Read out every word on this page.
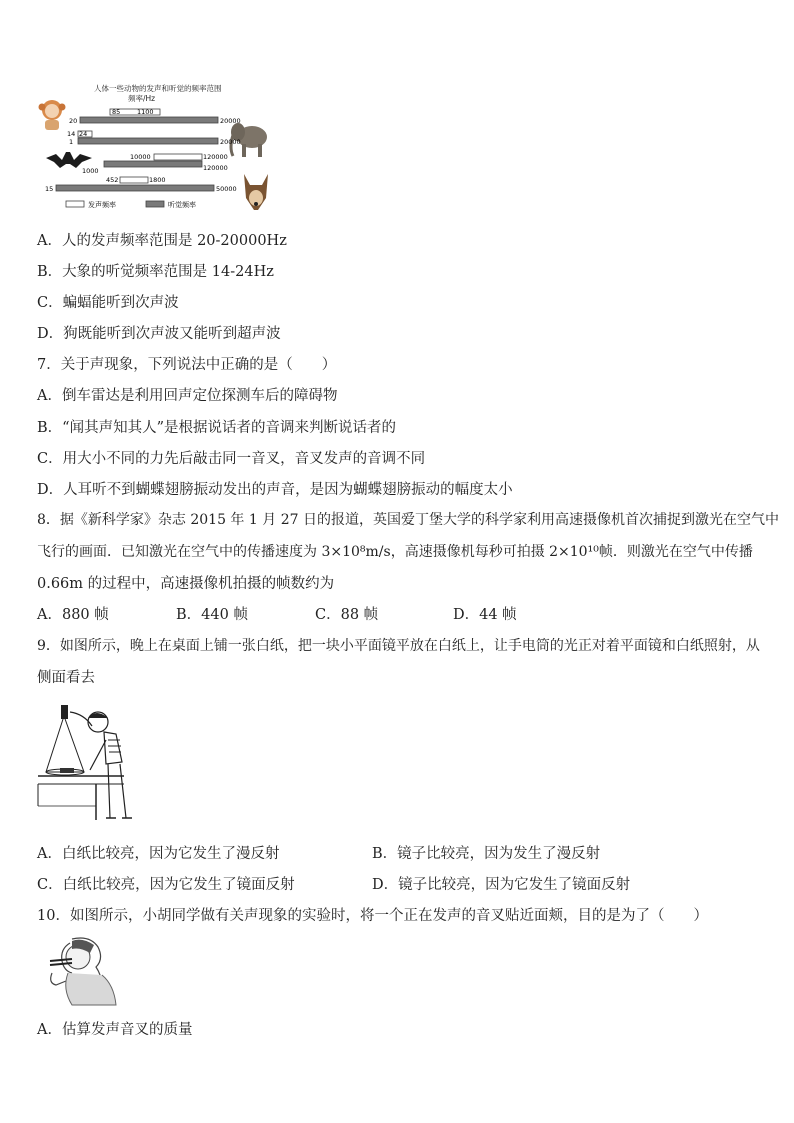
人体一些动物的发声和听觉的频率范围
频率/Hz
85	1100
20	20000
14 24
1	20000
10000	120000
1000	120000
452	1800
15	50000
发声频率	听觉频率
A．人的发声频率范围是 20-20000Hz
B．大象的听觉频率范围是 14-24Hz
C．蝙蝠能听到次声波
D．狗既能听到次声波又能听到超声波
7．关于声现象，下列说法中正确的是（　　）
A．倒车雷达是利用回声定位探测车后的障碍物
B．“闻其声知其人”是根据说话者的音调来判断说话者的
C．用大小不同的力先后敲击同一音叉，音叉发声的音调不同
D．人耳听不到蝴蝶翅膀振动发出的声音，是因为蝴蝶翅膀振动的幅度太小
8．据《新科学家》杂志 2015 年 1 月 27 日的报道，英国爱丁堡大学的科学家利用高速摄像机首次捕捉到激光在空气中
飞行的画面．已知激光在空气中的传播速度为 3×10⁸m/s，高速摄像机每秒可拍摄 2×10¹⁰帧．则激光在空气中传播
0.66m 的过程中，高速摄像机拍摄的帧数约为
A．880 帧	B．440 帧	C．88 帧	D．44 帧
9．如图所示，晚上在桌面上铺一张白纸，把一块小平面镜平放在白纸上，让手电筒的光正对着平面镜和白纸照射，从
侧面看去
A．白纸比较亮，因为它发生了漫反射	B．镜子比较亮，因为发生了漫反射
C．白纸比较亮，因为它发生了镜面反射	D．镜子比较亮，因为它发生了镜面反射
10．如图所示，小胡同学做有关声现象的实验时，将一个正在发声的音叉贴近面颊，目的是为了（　　）
A．估算发声音叉的质量
